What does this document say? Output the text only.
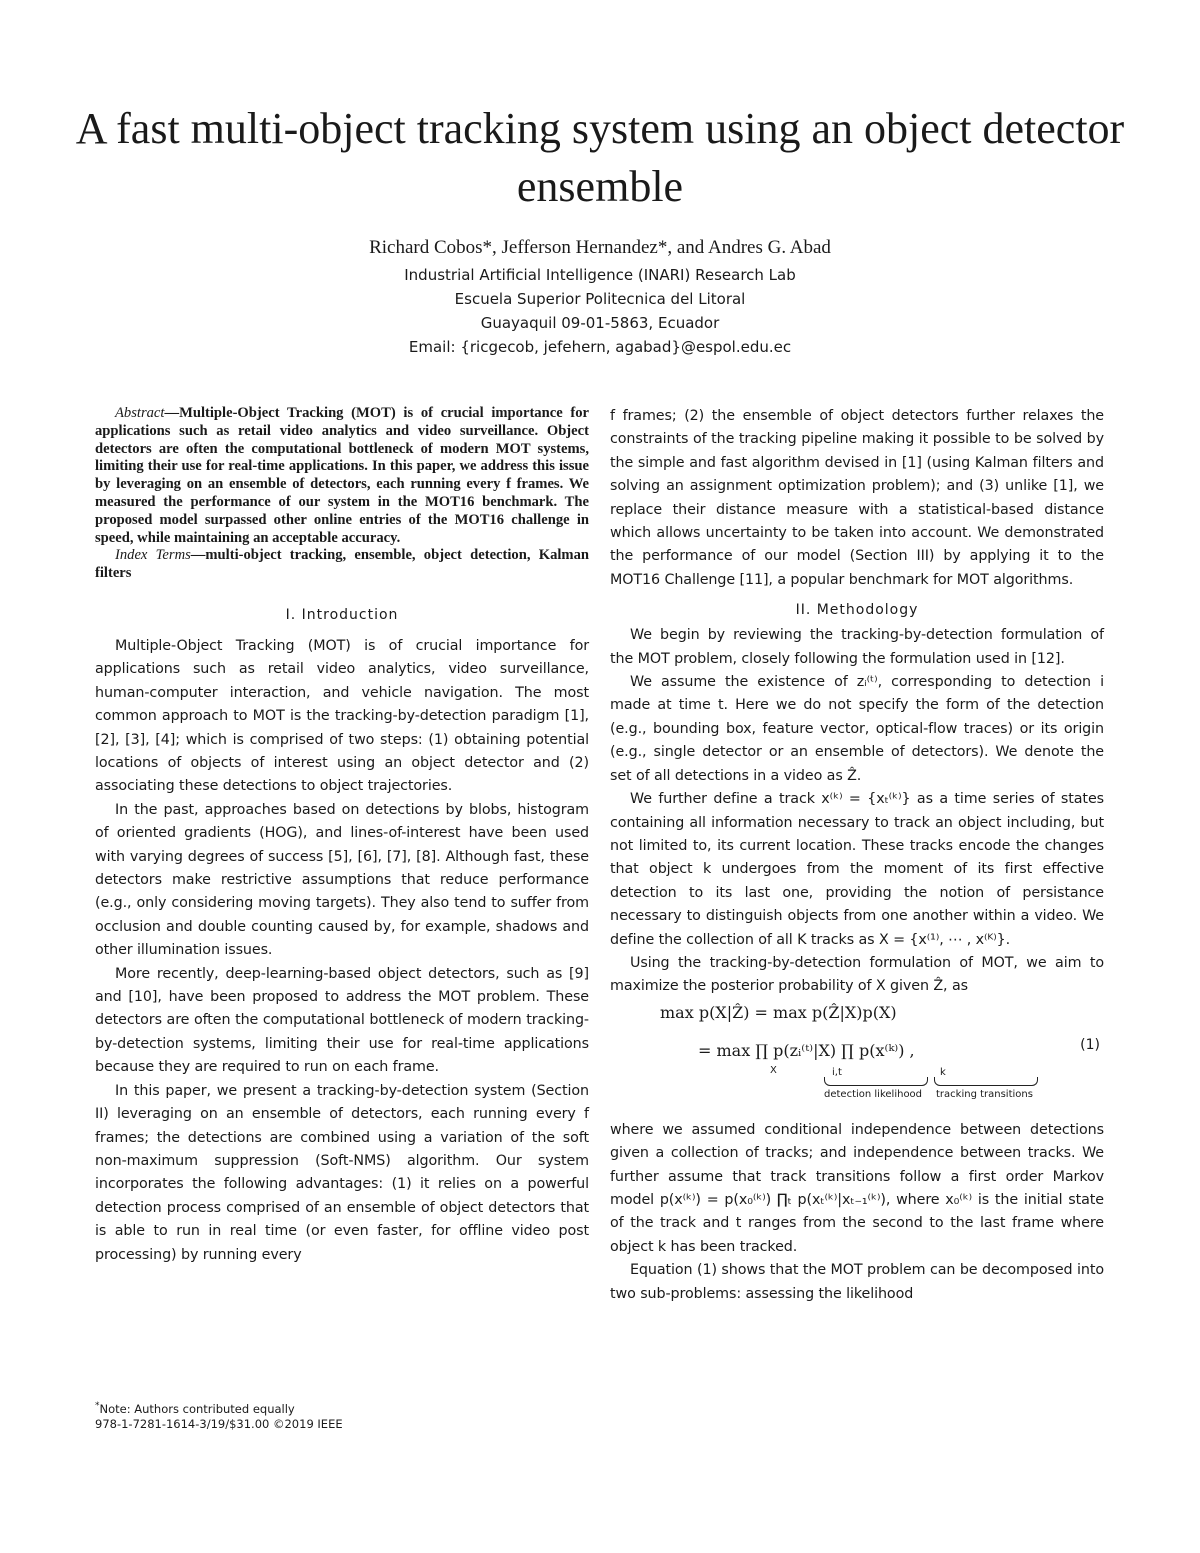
A fast multi-object tracking system using an object detector ensemble
Richard Cobos*, Jefferson Hernandez*, and Andres G. Abad
Industrial Artificial Intelligence (INARI) Research Lab
Escuela Superior Politecnica del Litoral
Guayaquil 09-01-5863, Ecuador
Email: {ricgecob, jefehern, agabad}@espol.edu.ec

Abstract—Multiple-Object Tracking (MOT) is of crucial importance for applications such as retail video analytics and video surveillance. Object detectors are often the computational bottleneck of modern MOT systems, limiting their use for real-time applications. In this paper, we address this issue by leveraging on an ensemble of detectors, each running every f frames. We measured the performance of our system in the MOT16 benchmark. The proposed model surpassed other online entries of the MOT16 challenge in speed, while maintaining an acceptable accuracy.

Index Terms—multi-object tracking, ensemble, object detection, Kalman filters

I. Introduction

Multiple-Object Tracking (MOT) is of crucial importance for applications such as retail video analytics, video surveillance, human-computer interaction, and vehicle navigation. The most common approach to MOT is the tracking-by-detection paradigm [1], [2], [3], [4]; which is comprised of two steps: (1) obtaining potential locations of objects of interest using an object detector and (2) associating these detections to object trajectories.

In the past, approaches based on detections by blobs, histogram of oriented gradients (HOG), and lines-of-interest have been used with varying degrees of success [5], [6], [7], [8]. Although fast, these detectors make restrictive assumptions that reduce performance (e.g., only considering moving targets). They also tend to suffer from occlusion and double counting caused by, for example, shadows and other illumination issues.

More recently, deep-learning-based object detectors, such as [9] and [10], have been proposed to address the MOT problem. These detectors are often the computational bottleneck of modern tracking-by-detection systems, limiting their use for real-time applications because they are required to run on each frame.

In this paper, we present a tracking-by-detection system (Section II) leveraging on an ensemble of detectors, each running every f frames; the detections are combined using a variation of the soft non-maximum suppression (Soft-NMS) algorithm. Our system incorporates the following advantages: (1) it relies on a powerful detection process comprised of an ensemble of object detectors that is able to run in real time (or even faster, for offline video post processing) by running every

f frames; (2) the ensemble of object detectors further relaxes the constraints of the tracking pipeline making it possible to be solved by the simple and fast algorithm devised in [1] (using Kalman filters and solving an assignment optimization problem); and (3) unlike [1], we replace their distance measure with a statistical-based distance which allows uncertainty to be taken into account. We demonstrated the performance of our model (Section III) by applying it to the MOT16 Challenge [11], a popular benchmark for MOT algorithms.

II. Methodology

We begin by reviewing the tracking-by-detection formulation of the MOT problem, closely following the formulation used in [12].

We assume the existence of zᵢ⁽ᵗ⁾, corresponding to detection i made at time t. Here we do not specify the form of the detection (e.g., bounding box, feature vector, optical-flow traces) or its origin (e.g., single detector or an ensemble of detectors). We denote the set of all detections in a video as Ẑ.

We further define a track x⁽ᵏ⁾ = {xₜ⁽ᵏ⁾} as a time series of states containing all information necessary to track an object including, but not limited to, its current location. These tracks encode the changes that object k undergoes from the moment of its first effective detection to its last one, providing the notion of persistance necessary to distinguish objects from one another within a video. We define the collection of all K tracks as X = {x⁽¹⁾, ⋯ , x⁽ᴷ⁾}.

Using the tracking-by-detection formulation of MOT, we aim to maximize the posterior probability of X given Ẑ, as

max p(X|Ẑ) = max p(Ẑ|X)p(X)
= max ∏ p(zᵢ⁽ᵗ⁾|X) ∏ p(x⁽ᵏ⁾) ,
i,t	k
X
detection likelihood tracking transitions
(1)

where we assumed conditional independence between detections given a collection of tracks; and independence between tracks. We further assume that track transitions follow a first order Markov model p(x⁽ᵏ⁾) = p(x₀⁽ᵏ⁾) ∏ₜ p(xₜ⁽ᵏ⁾|xₜ₋₁⁽ᵏ⁾), where x₀⁽ᵏ⁾ is the initial state of the track and t ranges from the second to the last frame where object k has been tracked.

Equation (1) shows that the MOT problem can be decomposed into two sub-problems: assessing the likelihood

*Note: Authors contributed equally
978-1-7281-1614-3/19/$31.00 ©2019 IEEE
